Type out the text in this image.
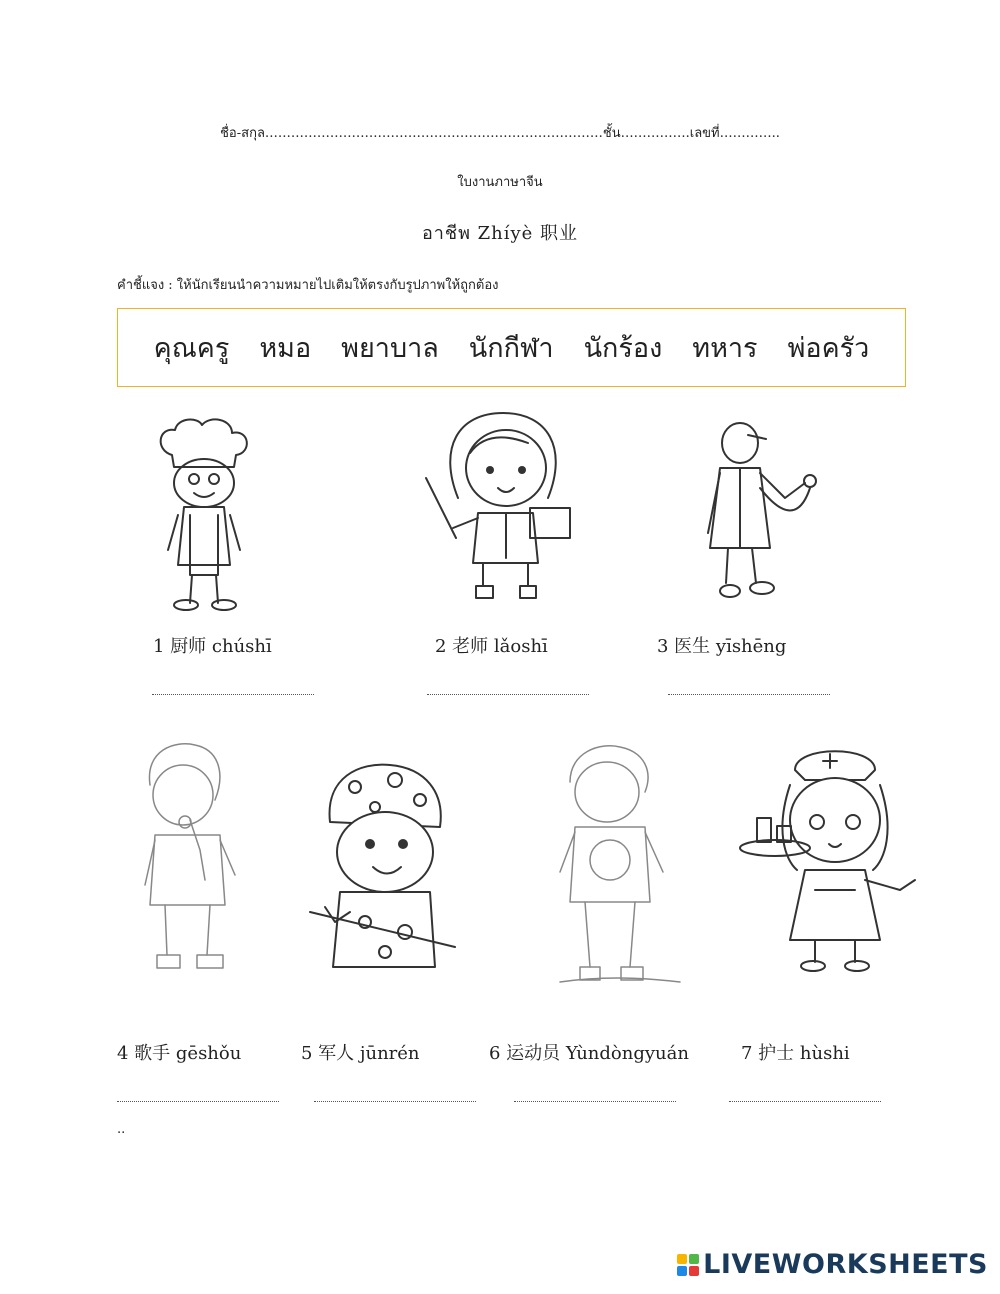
ชื่อ-สกุล……………………………………………………………………ชั้น…………….เลขที่…………..
ใบงานภาษาจีน
อาชีพ Zhíyè 职业
คำชี้แจง : ให้นักเรียนนำความหมายไปเติมให้ตรงกับรูปภาพให้ถูกต้อง
คุณครู หมอ พยาบาล นักกีฬา นักร้อง ทหาร พ่อครัว
1 厨师 chúshī	2 老师 lǎoshī	3 医生 yīshēng
4 歌手 gēshǒu	5 军人 jūnrén	6 运动员 Yùndòngyuán	7 护士 hùshi
..
LIVEWORKSHEETS
